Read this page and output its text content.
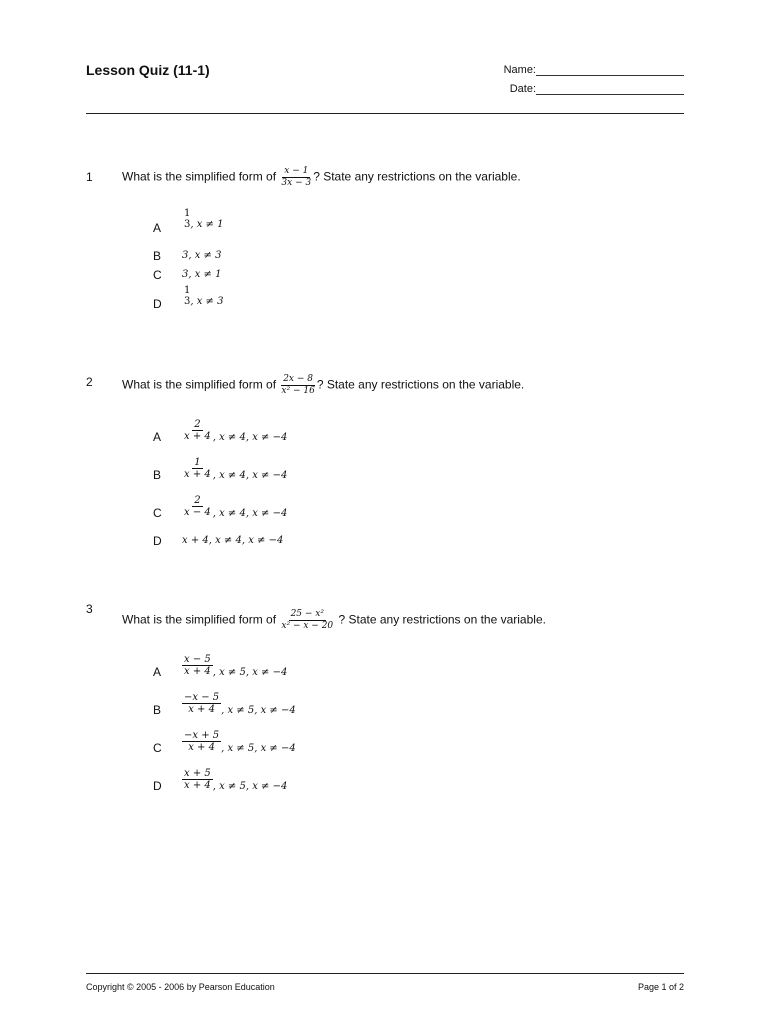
Lesson Quiz (11-1)	Name:
Date:
1 What is the simplified form of $\frac{x - 1}{3x - 3}$ ? State any restrictions on the variable.
A
1
3, x ≠ 1
B 3, x ≠ 3
C 3, x ≠ 1
D
1
3, x ≠ 3
2 What is the simplified form of $\frac{2x - 8}{\text{x² − 16}}$ ? State any restrictions on the variable.
A $\frac{2}{x + 4}$ , x ≠ 4, x ≠ −4
B $\frac{1}{x + 4}$ , x ≠ 4, x ≠ −4
C $\frac{2}{x - 4}$ , x ≠ 4, x ≠ −4
D x + 4, x ≠ 4, x ≠ −4
3
What is the simplified form of $\frac{\text{25 − x²}}{\text{x² − x − 20}}$ ? State any restrictions on the variable.
A $\frac{x - 5}{x + 4}$ , x ≠ 5, x ≠ −4
B $\frac{-x - 5}{x + 4}$ , x ≠ 5, x ≠ −4
C $\frac{-x + 5}{x + 4}$ , x ≠ 5, x ≠ −4
D $\frac{x + 5}{x + 4}$ , x ≠ 5, x ≠ −4
Copyright © 2005 - 2006 by Pearson Education	Page 1 of 2
